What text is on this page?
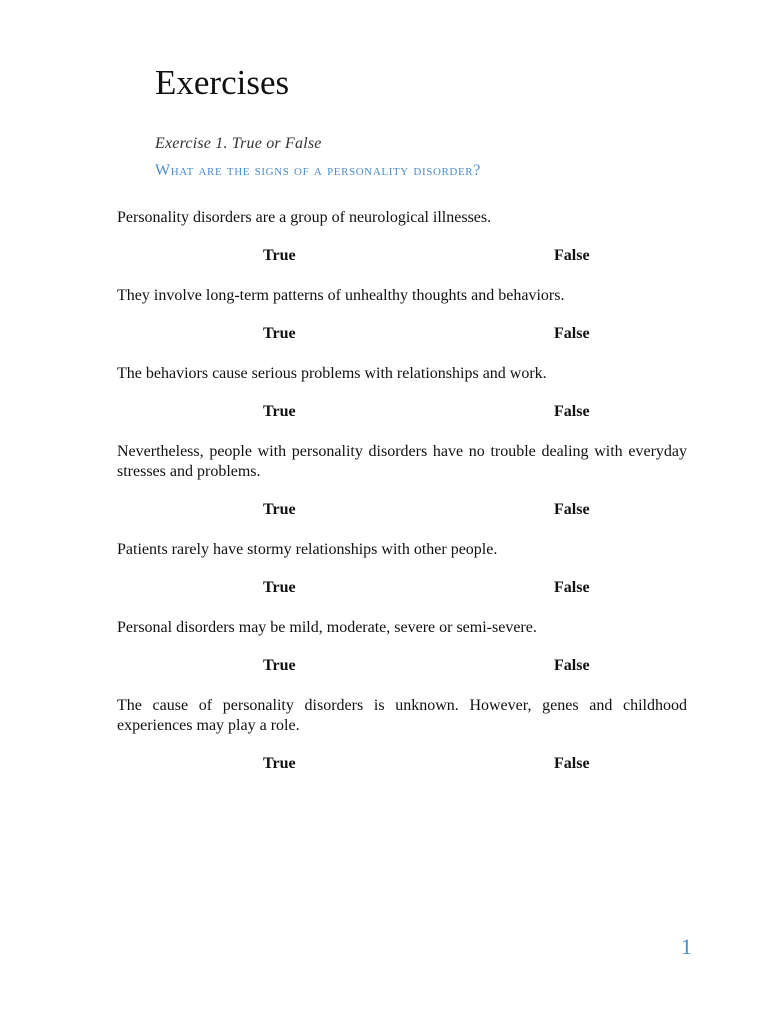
Exercises
Exercise 1. True or False
What are the signs of a personality disorder?

Personality disorders are a group of neurological illnesses.

True	False

They involve long-term patterns of unhealthy thoughts and behaviors.

True	False

The behaviors cause serious problems with relationships and work.

True	False

Nevertheless, people with personality disorders have no trouble dealing with everyday stresses and problems.

True	False

Patients rarely have stormy relationships with other people.

True	False

Personal disorders may be mild, moderate, severe or semi-severe.

True	False

The cause of personality disorders is unknown. However, genes and childhood experiences may play a role.

True	False
1
